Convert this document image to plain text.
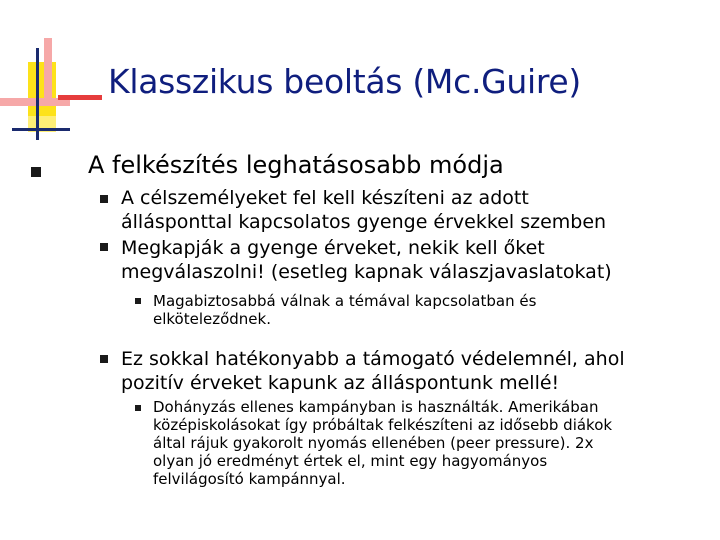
Klasszikus beoltás (Mc.Guire)
A felkészítés leghatásosabb módja
A célszemélyeket fel kell készíteni az adott
állásponttal kapcsolatos gyenge érvekkel szemben
Megkapják a gyenge érveket, nekik kell őket
megválaszolni! (esetleg kapnak válaszjavaslatokat)
Magabiztosabbá válnak a témával kapcsolatban és
elköteleződnek.
Ez sokkal hatékonyabb a támogató védelemnél, ahol
pozitív érveket kapunk az álláspontunk mellé!
Dohányzás ellenes kampányban is használták. Amerikában
középiskolásokat így próbáltak felkészíteni az idősebb diákok
által rájuk gyakorolt nyomás ellenében (peer pressure). 2x
olyan jó eredményt értek el, mint egy hagyományos
felvilágosító kampánnyal.
